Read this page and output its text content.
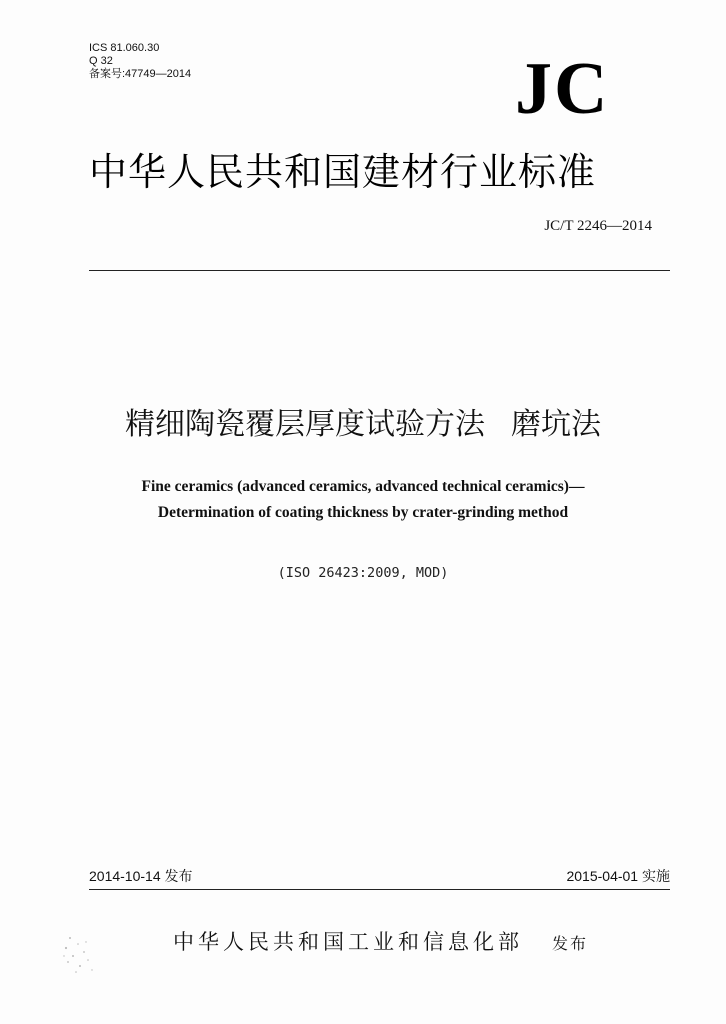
ICS 81.060.30
Q 32
备案号:47749—2014	JC
中华人民共和国建材行业标准
JC/T 2246—2014
精细陶瓷覆层厚度试验方法 磨坑法
Fine ceramics (advanced ceramics, advanced technical ceramics)—
Determination of coating thickness by crater-grinding method
(ISO 26423:2009, MOD)
2014-10-14 发布	2015-04-01 实施
中华人民共和国工业和信息化部 发布
